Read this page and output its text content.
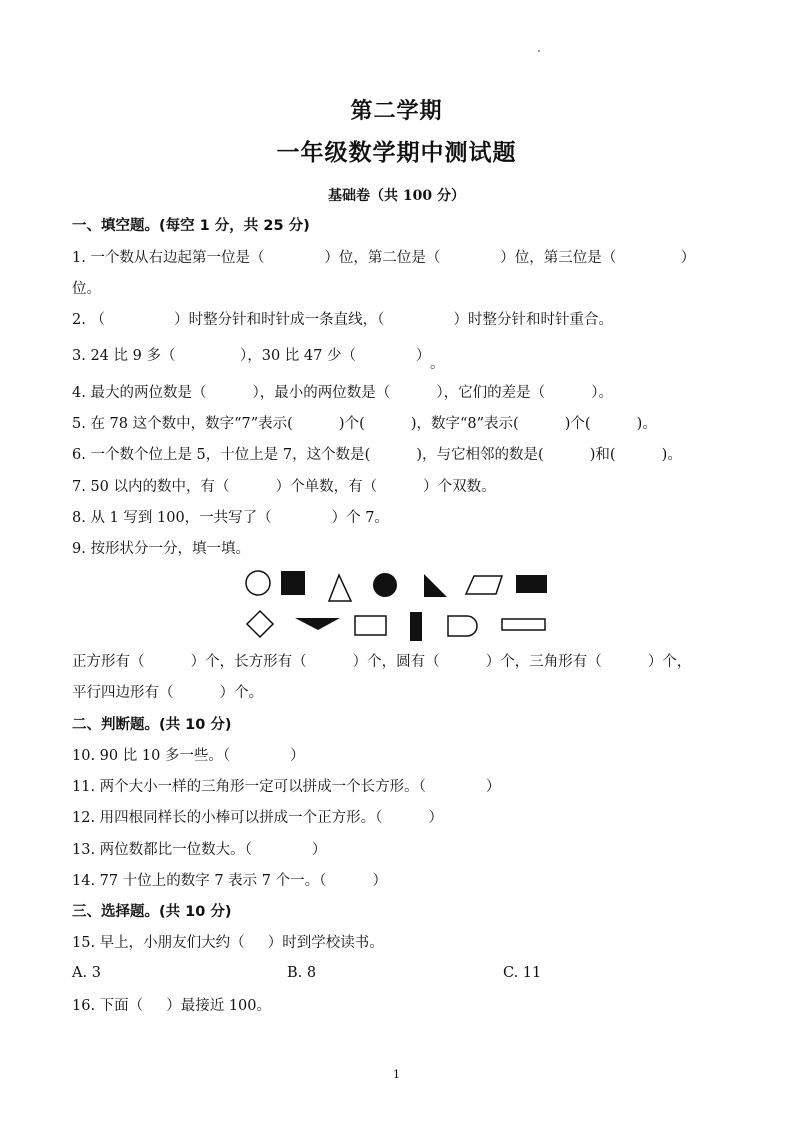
第二学期
一年级数学期中测试题
基础卷（共 100 分）
一、填空题。(每空 1 分，共 25 分)
1. 一个数从右边起第一位是（             ）位，第二位是（             ）位，第三位是（              ）
位。
2. （               ）时整分针和时针成一条直线，（               ）时整分针和时针重合。
3. 24 比 9 多（              ），30 比 47 少（             ） 。
4. 最大的两位数是（          ），最小的两位数是（          ），它们的差是（          ）。
5. 在 78 这个数中，数字“7”表示(          )个(          )，数字“8”表示(          )个(          )。
6. 一个数个位上是 5，十位上是 7，这个数是(          )，与它相邻的数是(          )和(          )。
7. 50 以内的数中，有（          ）个单数，有（          ）个双数。
8. 从 1 写到 100，一共写了（             ）个 7。
9. 按形状分一分，填一填。
正方形有（          ）个，长方形有（          ）个，圆有（          ）个，三角形有（          ）个，
平行四边形有（          ）个。
二、判断题。(共 10 分)
10. 90 比 10 多一些。（             ）
11. 两个大小一样的三角形一定可以拼成一个长方形。（             ）
12. 用四根同样长的小棒可以拼成一个正方形。（          ）
13. 两位数都比一位数大。（             ）
14. 77 十位上的数字 7 表示 7 个一。（          ）
三、选择题。(共 10 分)
15. 早上，小朋友们大约（     ）时到学校读书。
A. 3	B. 8	C. 11
16. 下面（     ）最接近 100。
1
